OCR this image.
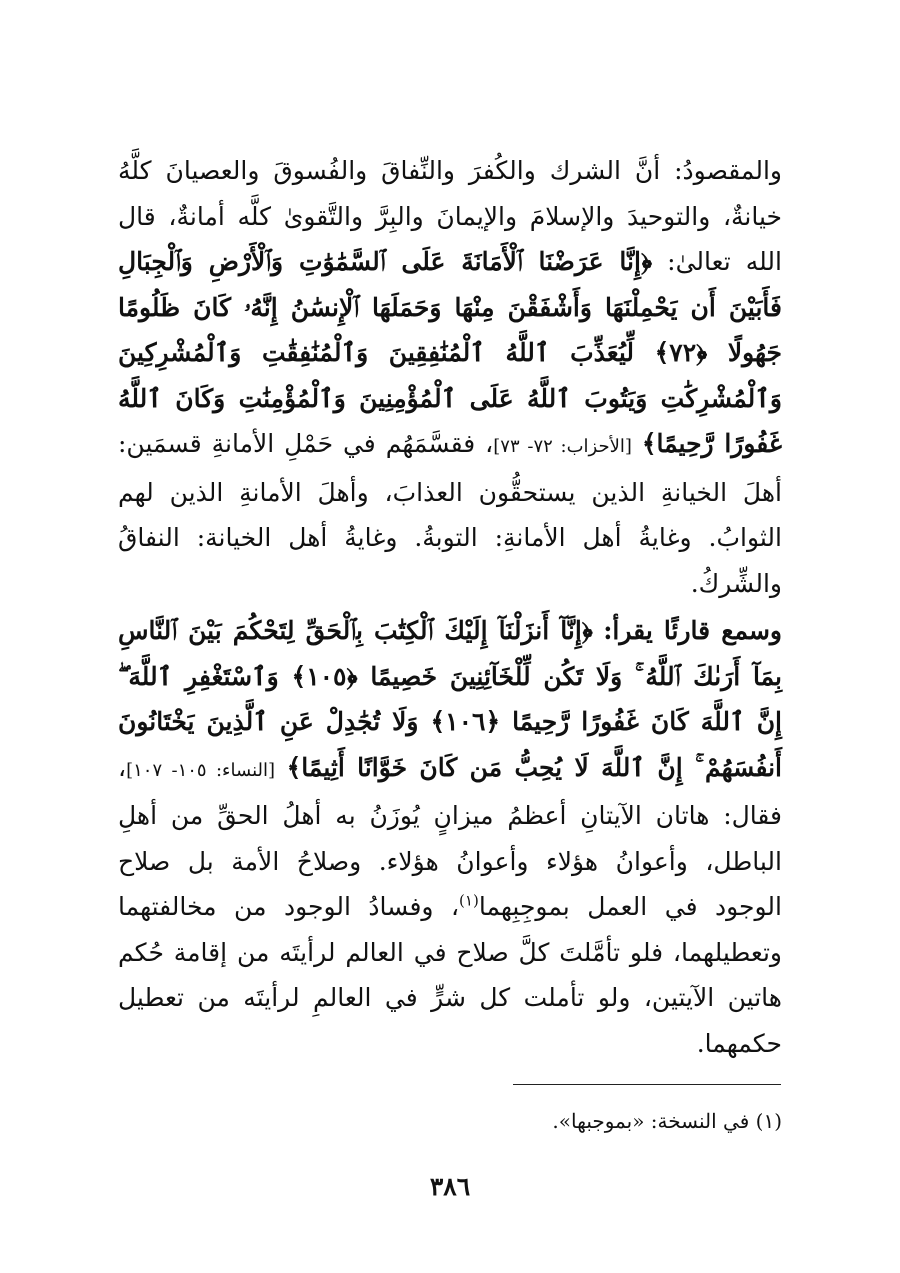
والمقصودُ: أنَّ الشرك والكُفرَ والنِّفاقَ والفُسوقَ والعصيانَ كلَّهُ خيانةٌ، والتوحيدَ والإسلامَ والإيمانَ والبِرَّ والتَّقوىٰ كلَّه أمانةٌ، قال الله تعالىٰ: ﴿إِنَّا عَرَضْنَا ٱلْأَمَانَةَ عَلَى ٱلسَّمَٰوَٰتِ وَٱلْأَرْضِ وَٱلْجِبَالِ فَأَبَيْنَ أَن يَحْمِلْنَهَا وَأَشْفَقْنَ مِنْهَا وَحَمَلَهَا ٱلْإِنسَٰنُ إِنَّهُۥ كَانَ ظَلُومًا جَهُولًا ﴿٧٢﴾ لِّيُعَذِّبَ ٱللَّهُ ٱلْمُنَٰفِقِينَ وَٱلْمُنَٰفِقَٰتِ وَٱلْمُشْرِكِينَ وَٱلْمُشْرِكَٰتِ وَيَتُوبَ ٱللَّهُ عَلَى ٱلْمُؤْمِنِينَ وَٱلْمُؤْمِنَٰتِ وَكَانَ ٱللَّهُ غَفُورًا رَّحِيمًا﴾ [الأحزاب: ٧٢- ٧٣]، فقسَّمَهُم في حَمْلِ الأمانةِ قسمَين: أهلَ الخيانةِ الذين يستحقُّون العذابَ، وأهلَ الأمانةِ الذين لهم الثوابُ. وغايةُ أهل الأمانةِ: التوبةُ. وغايةُ أهل الخيانة: النفاقُ والشِّركُ.

وسمع قارئًا يقرأ: ﴿إِنَّآ أَنزَلْنَآ إِلَيْكَ ٱلْكِتَٰبَ بِٱلْحَقِّ لِتَحْكُمَ بَيْنَ ٱلنَّاسِ بِمَآ أَرَىٰكَ ٱللَّهُ ۚ وَلَا تَكُن لِّلْخَآئِنِينَ خَصِيمًا ﴿١٠٥﴾ وَٱسْتَغْفِرِ ٱللَّهَ ۖ إِنَّ ٱللَّهَ كَانَ غَفُورًا رَّحِيمًا ﴿١٠٦﴾ وَلَا تُجَٰدِلْ عَنِ ٱلَّذِينَ يَخْتَانُونَ أَنفُسَهُمْ ۚ إِنَّ ٱللَّهَ لَا يُحِبُّ مَن كَانَ خَوَّانًا أَثِيمًا﴾ [النساء: ١٠٥- ١٠٧]، فقال: هاتان الآيتانِ أعظمُ ميزانٍ يُوزَنُ به أهلُ الحقِّ من أهلِ الباطل، وأعوانُ هؤلاء وأعوانُ هؤلاء. وصلاحُ الأمة بل صلاح الوجود في العمل بموجِبِهما$^{(١)}$، وفسادُ الوجود من مخالفتهما وتعطيلهما، فلو تأمَّلتَ كلَّ صلاح في العالم لرأيتَه من إقامة حُكم هاتين الآيتين، ولو تأملت كل شرٍّ في العالمِ لرأيتَه من تعطيل حكمهما.

(١) في النسخة: «بموجبها».
٣٨٦
